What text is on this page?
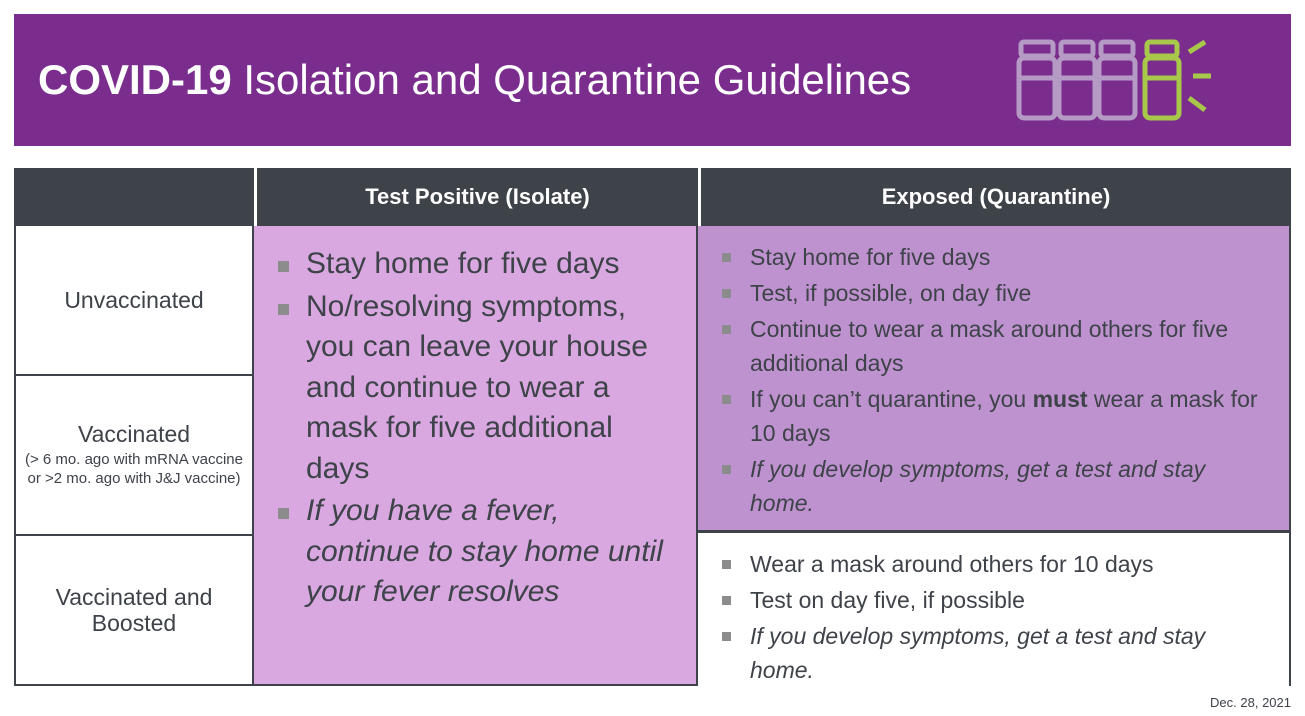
COVID-19 Isolation and Quarantine Guidelines
Test Positive (Isolate)	Exposed (Quarantine)
Unvaccinated
Vaccinated
(> 6 mo. ago with mRNA vaccine or >2 mo. ago with J&J vaccine)
Vaccinated and Boosted
Stay home for five days
No/resolving symptoms, you can leave your house and continue to wear a mask for five additional days
If you have a fever, continue to stay home until your fever resolves
Stay home for five days
Test, if possible, on day five
Continue to wear a mask around others for five additional days
If you can’t quarantine, you must wear a mask for 10 days
If you develop symptoms, get a test and stay home.
Wear a mask around others for 10 days
Test on day five, if possible
If you develop symptoms, get a test and stay home.
Dec. 28, 2021
